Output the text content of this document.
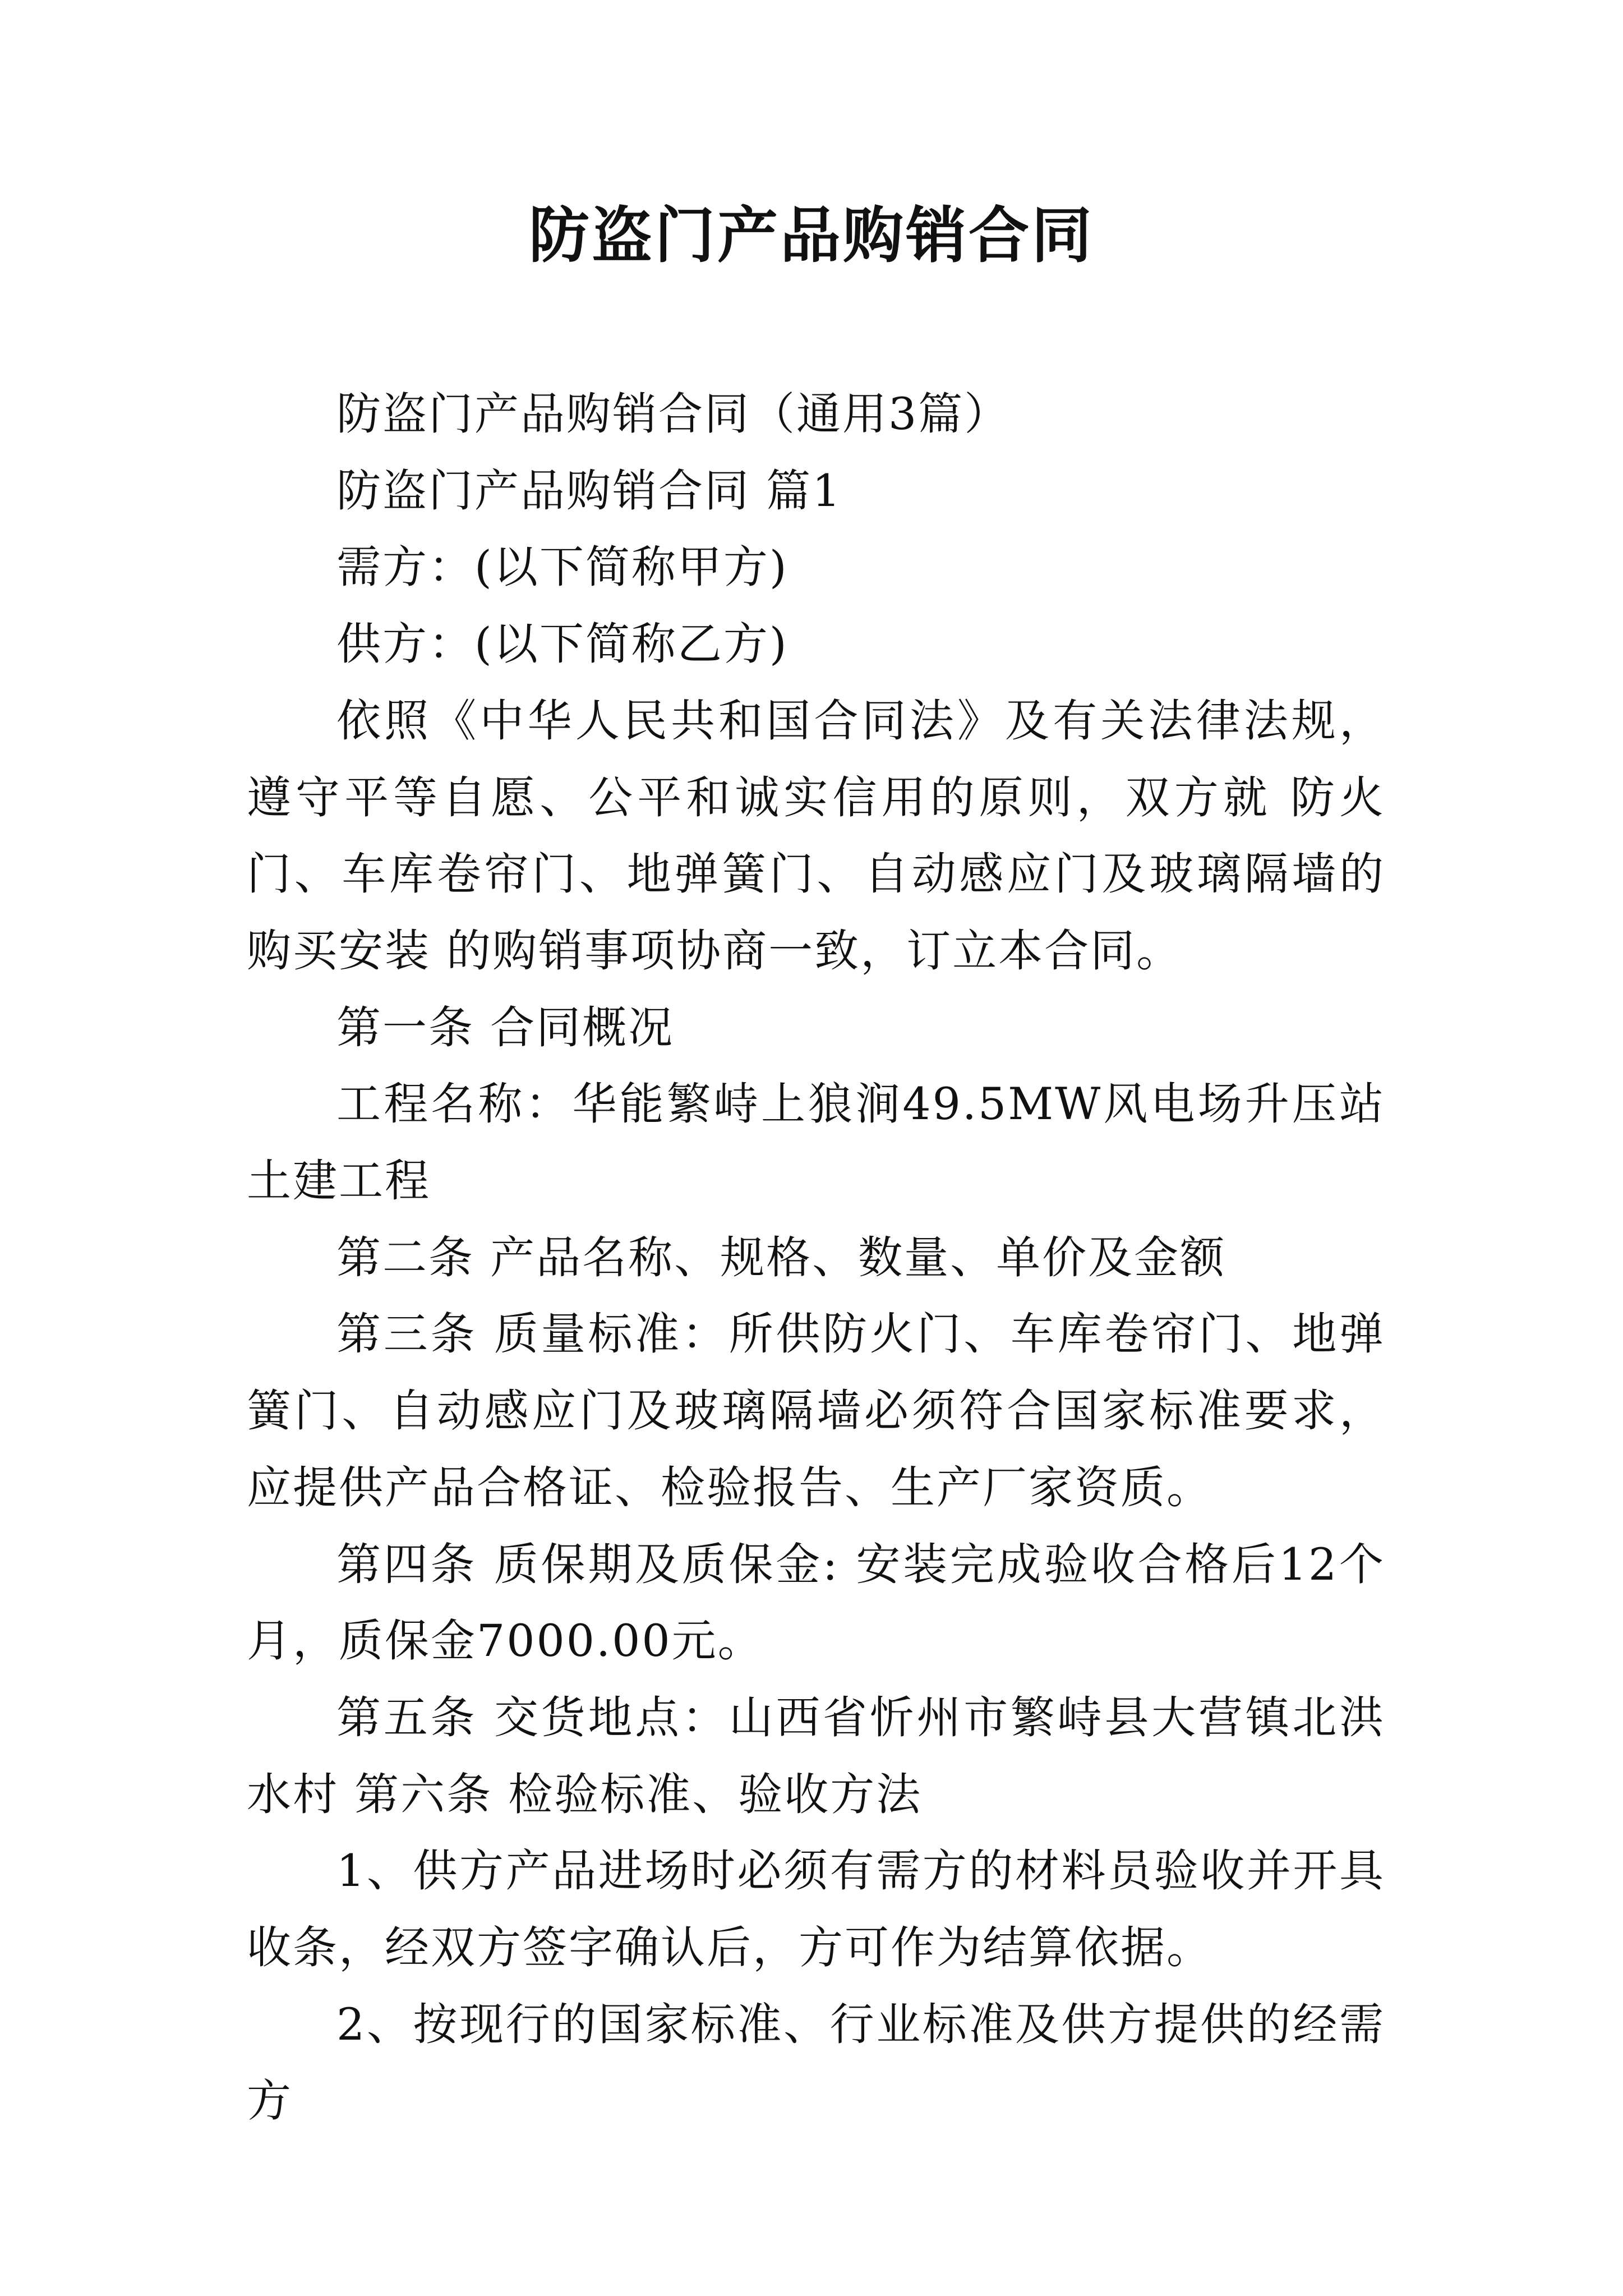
防盗门产品购销合同

防盗门产品购销合同（通用3篇）

防盗门产品购销合同 篇1

需方：(以下简称甲方)

供方：(以下简称乙方)

依照《中华人民共和国合同法》及有关法律法规，遵守平等自愿、公平和诚实信用的原则，双方就 防火门、车库卷帘门、地弹簧门、自动感应门及玻璃隔墙的购买安装 的购销事项协商一致，订立本合同。

第一条 合同概况

工程名称：华能繁峙上狼涧49.5MW风电场升压站土建工程

第二条 产品名称、规格、数量、单价及金额

第三条 质量标准：所供防火门、车库卷帘门、地弹簧门、自动感应门及玻璃隔墙必须符合国家标准要求，应提供产品合格证、检验报告、生产厂家资质。

第四条 质保期及质保金: 安装完成验收合格后12个月，质保金7000.00元。

第五条 交货地点：山西省忻州市繁峙县大营镇北洪水村 第六条 检验标准、验收方法

1、供方产品进场时必须有需方的材料员验收并开具收条，经双方签字确认后，方可作为结算依据。

2、按现行的国家标准、行业标准及供方提供的经需方
